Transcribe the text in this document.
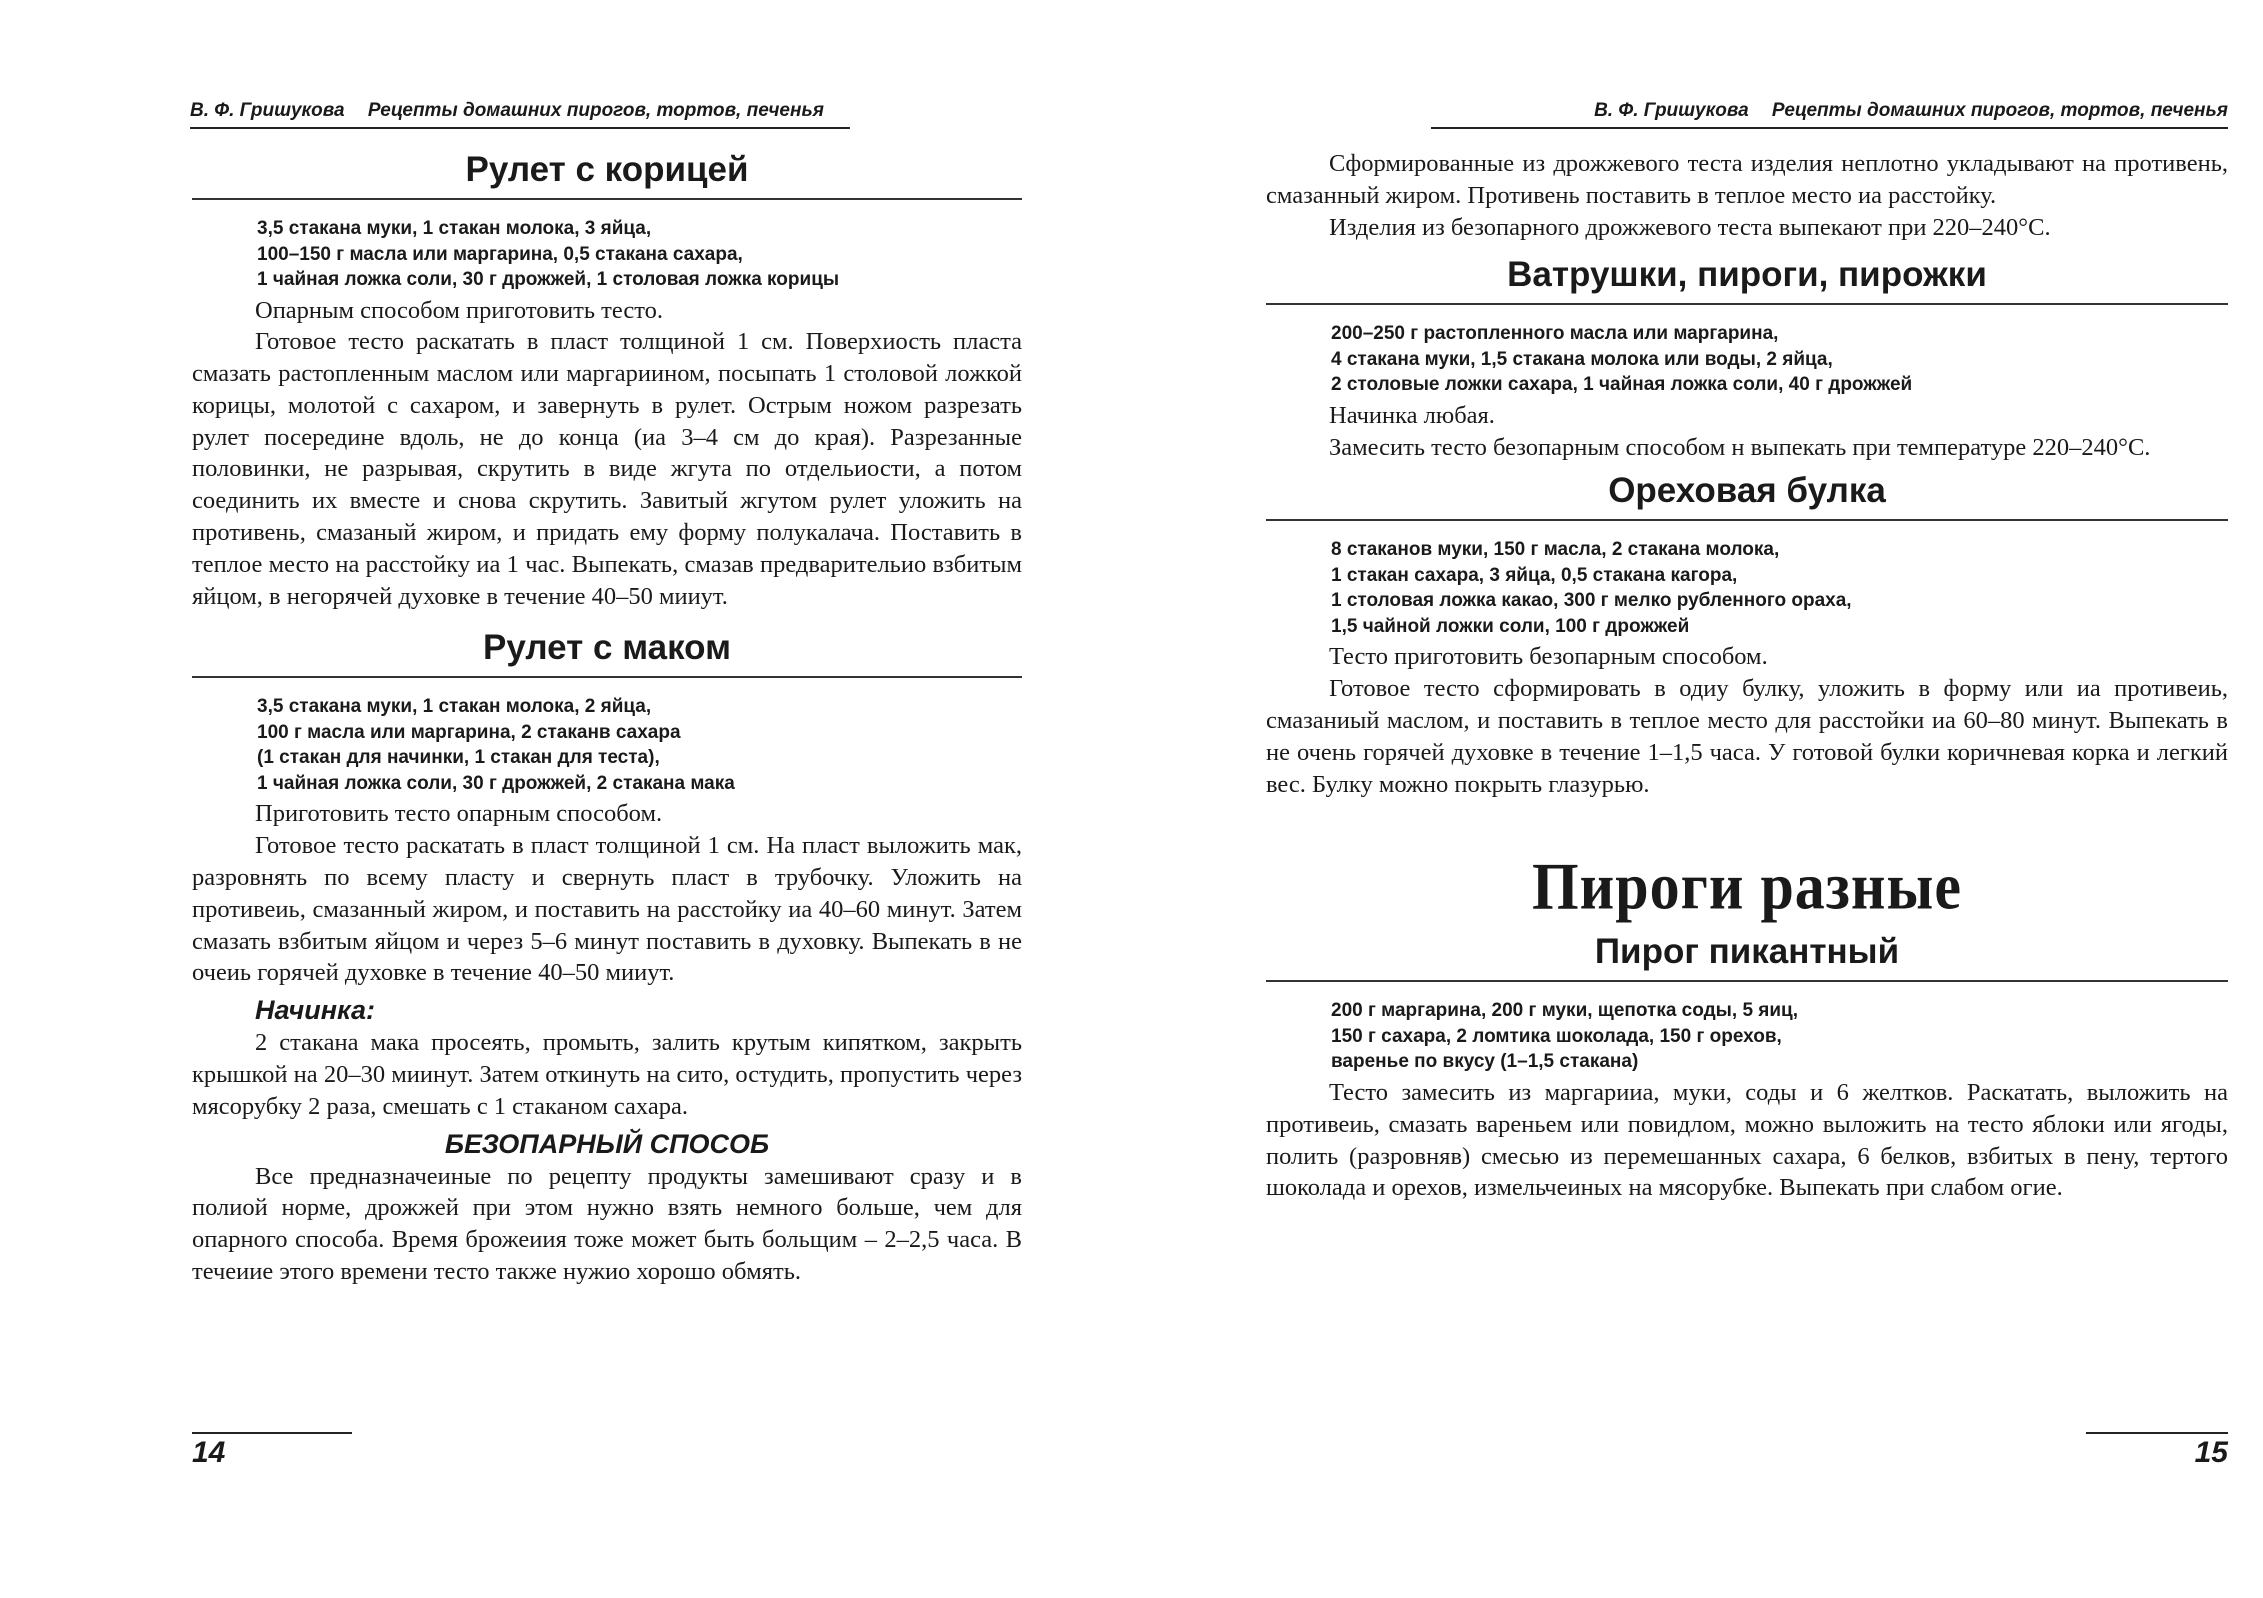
В. Ф. Гришукова Рецепты домашних пирогов, тортов, печенья
Рулет с корицей
3,5 стакана муки, 1 стакан молока, 3 яйца,
100–150 г масла или маргарина, 0,5 стакана сахара,
1 чайная ложка соли, 30 г дрожжей, 1 столовая ложка корицы

Опарным способом приготовить тесто.

Готовое тесто раскатать в пласт толщиной 1 см. Поверхиость пласта смазать растопленным маслом или маргариином, посыпать 1 столовой ложкой корицы, молотой с сахаром, и завернуть в рулет. Острым ножом разрезать рулет посередине вдоль, не до конца (иа 3–4 см до края). Разрезанные половинки, не разрывая, скрутить в виде жгута по отдельиости, а потом соединить их вместе и снова скрутить. Завитый жгутом рулет уложить на противень, смазаный жиром, и придать ему форму полукалача. Поставить в теплое место на расстойку иа 1 час. Выпекать, смазав предварительио взбитым яйцом, в негорячей духовке в течение 40–50 мииут.

Рулет с маком
3,5 стакана муки, 1 стакан молока, 2 яйца,
100 г масла или маргарина, 2 стаканв сахара
(1 стакан для начинки, 1 стакан для теста),
1 чайная ложка соли, 30 г дрожжей, 2 стакана мака

Приготовить тесто опарным способом.

Готовое тесто раскатать в пласт толщиной 1 см. На пласт выложить мак, разровнять по всему пласту и свернуть пласт в трубочку. Уложить на противеиь, смазанный жиром, и поставить на расстойку иа 40–60 минут. Затем смазать взбитым яйцом и через 5–6 минут поставить в духовку. Выпекать в не очеиь горячей духовке в течение 40–50 мииут.

Начинка:

2 стакана мака просеять, промыть, залить крутым кипятком, закрыть крышкой на 20–30 миинут. Затем откинуть на сито, остудить, пропустить через мясорубку 2 раза, смешать с 1 стаканом сахара.

БЕЗОПАРНЫЙ СПОСОБ

Все предназначеиные по рецепту продукты замешивают сразу и в полиой норме, дрожжей при этом нужно взять немного больше, чем для опарного способа. Время брожеиия тоже может быть больщим – 2–2,5 часа. В течеиие этого времени тесто также нужио хорошо обмять.

14
В. Ф. Гришукова Рецепты домашних пирогов, тортов, печенья

Сформированные из дрожжевого теста изделия неплотно укладывают на противень, смазанный жиром. Противень поставить в теплое место иа расстойку.

Изделия из безопарного дрожжевого теста выпекают при 220–240°С.

Ватрушки, пироги, пирожки
200–250 г растопленного масла или маргарина,
4 стакана муки, 1,5 стакана молока или воды, 2 яйца,
2 столовые ложки сахара, 1 чайная ложка соли, 40 г дрожжей

Начинка любая.

Замесить тесто безопарным способом н выпекать при температуре 220–240°С.

Ореховая булка
8 стаканов муки, 150 г масла, 2 стакана молока,
1 стакан сахара, 3 яйца, 0,5 стакана кагора,
1 столовая ложка какао, 300 г мелко рубленного ораха,
1,5 чайной ложки соли, 100 г дрожжей

Тесто приготовить безопарным способом.

Готовое тесто сформировать в одиу булку, уложить в форму или иа противеиь, смазаниый маслом, и поставить в теплое место для расстойки иа 60–80 минут. Выпекать в не очень горячей духовке в течение 1–1,5 часа. У готовой булки коричневая корка и легкий вес. Булку можно покрыть глазурью.

Пироги разные
Пирог пикантный
200 г маргарина, 200 г муки, щепотка соды, 5 яиц,
150 г сахара, 2 ломтика шоколада, 150 г орехов,
варенье по вкусу (1–1,5 стакана)

Тесто замесить из маргарииа, муки, соды и 6 желтков. Раскатать, выложить на противеиь, смазать вареньем или повидлом, можно выложить на тесто яблоки или ягоды, полить (разровняв) смесью из перемешанных сахара, 6 белков, взбитых в пену, тертого шоколада и орехов, измельчеиных на мясорубке. Выпекать при слабом огие.

15
